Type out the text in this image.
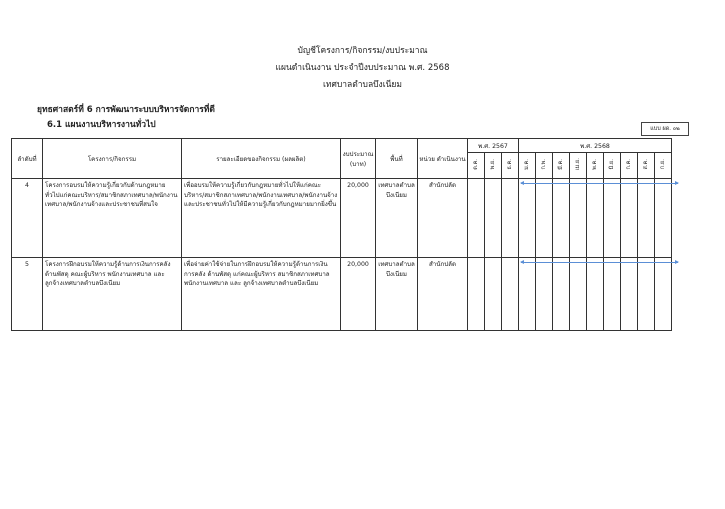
บัญชีโครงการ/กิจกรรม/งบประมาณ
แผนดำเนินงาน ประจำปีงบประมาณ พ.ศ. 2568
เทศบาลตำบลบึงเนียม
ยุทธศาสตร์ที่ 6 การพัฒนาระบบบริหารจัดการที่ดี
6.1 แผนงานบริหารงานทั่วไป	แบบ ผด. ๐๒
ลำดับที่	โครงการ/กิจกรรม	รายละเอียดของกิจกรรม (ผลผลิต)	งบประมาณ (บาท)	พื้นที่	หน่วย ดำเนินงาน	พ.ศ. 2567			พ.ศ. 2568								
						ต.ค.	พ.ย.	ธ.ค.	ม.ค.	ก.พ.	มี.ค.	เม.ย.	พ.ค.	มิ.ย.	ก.ค.	ส.ค.	ก.ย.

4	โครงการอบรมให้ความรู้เกี่ยวกับด้านกฎหมายทั่วไปแก่คณะบริหาร/สมาชิกสภาเทศบาล/พนักงานเทศบาล/พนักงานจ้างและประชาชนที่สนใจ	เพื่ออบรมให้ความรู้เกี่ยวกับกฎหมายทั่วไปให้แก่คณะบริหาร/สมาชิกสภาเทศบาล/พนักงานเทศบาล/พนักงานจ้างและประชาชนทั่วไปให้มีความรู้เกี่ยวกับกฎหมายมากยิ่งขึ้น	20,000	เทศบาลตำบลบึงเนียม	สำนักปลัด												

5	โครงการฝึกอบรมให้ความรู้ด้านการเงินการคลัง ด้านพัสดุ คณะผู้บริหาร พนักงานเทศบาล และลูกจ้างเทศบาลตำบลบึงเนียม	เพื่อจ่ายค่าใช้จ่ายในการฝึกอบรมให้ความรู้ด้านการเงิน การคลัง ด้านพัสดุ แก่คณะผู้บริหาร สมาชิกสภาเทศบาล พนักงานเทศบาล และ ลูกจ้างเทศบาลตำบลบึงเนียม	20,000	เทศบาลตำบลบึงเนียม	สำนักปลัด												
